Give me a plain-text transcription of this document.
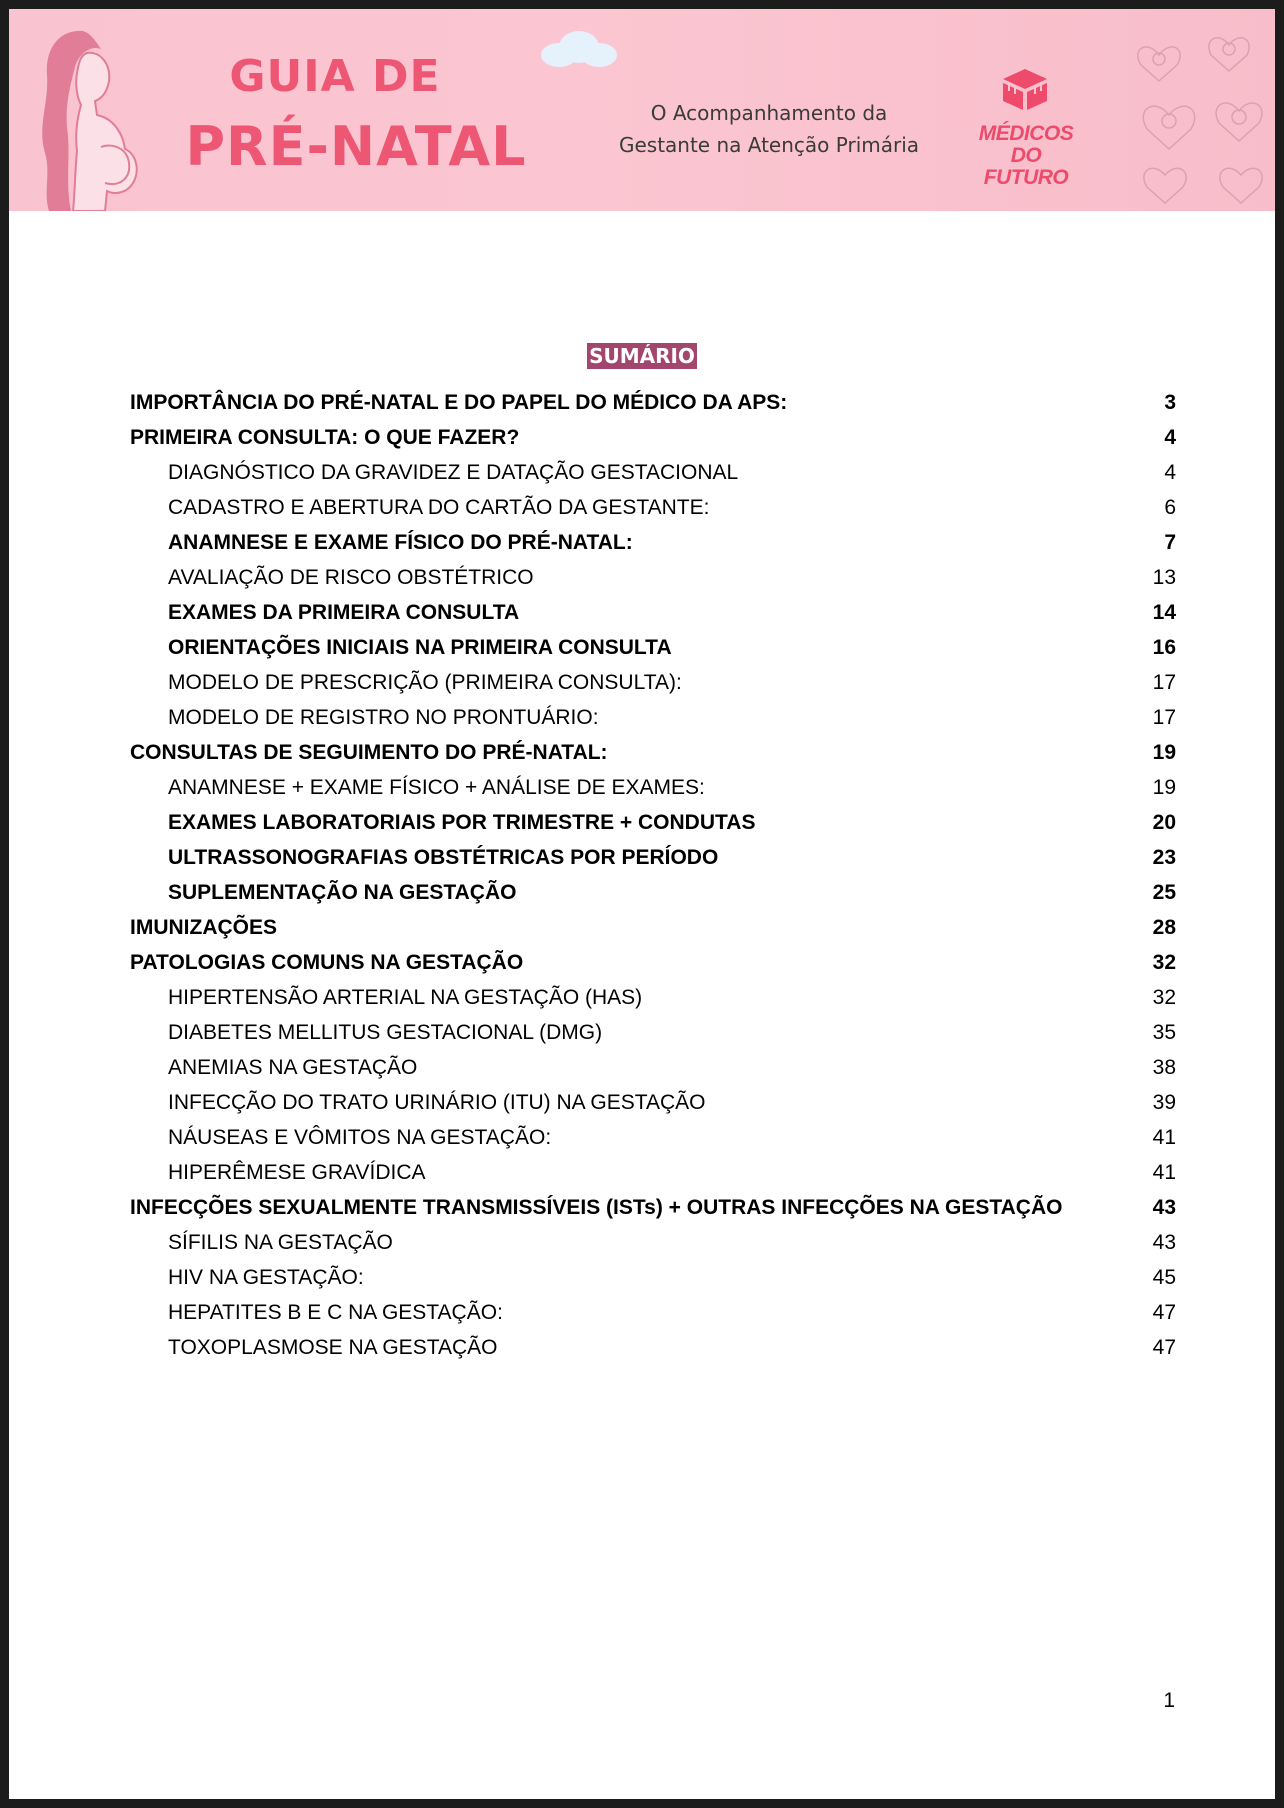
GUIA DE
PRÉ-NATAL
O Acompanhamento da
Gestante na Atenção Primária	MÉDICOS
DO FUTURO
SUMÁRIO
IMPORTÂNCIA DO PRÉ-NATAL E DO PAPEL DO MÉDICO DA APS:	3
PRIMEIRA CONSULTA: O QUE FAZER?	4
DIAGNÓSTICO DA GRAVIDEZ E DATAÇÃO GESTACIONAL	4
CADASTRO E ABERTURA DO CARTÃO DA GESTANTE:	6
ANAMNESE E EXAME FÍSICO DO PRÉ-NATAL:	7
AVALIAÇÃO DE RISCO OBSTÉTRICO	13
EXAMES DA PRIMEIRA CONSULTA	14
ORIENTAÇÕES INICIAIS NA PRIMEIRA CONSULTA	16
MODELO DE PRESCRIÇÃO (PRIMEIRA CONSULTA):	17
MODELO DE REGISTRO NO PRONTUÁRIO:	17
CONSULTAS DE SEGUIMENTO DO PRÉ-NATAL:	19
ANAMNESE + EXAME FÍSICO + ANÁLISE DE EXAMES:	19
EXAMES LABORATORIAIS POR TRIMESTRE + CONDUTAS	20
ULTRASSONOGRAFIAS OBSTÉTRICAS POR PERÍODO	23
SUPLEMENTAÇÃO NA GESTAÇÃO	25
IMUNIZAÇÕES	28
PATOLOGIAS COMUNS NA GESTAÇÃO	32
HIPERTENSÃO ARTERIAL NA GESTAÇÃO (HAS)	32
DIABETES MELLITUS GESTACIONAL (DMG)	35
ANEMIAS NA GESTAÇÃO	38
INFECÇÃO DO TRATO URINÁRIO (ITU) NA GESTAÇÃO	39
NÁUSEAS E VÔMITOS NA GESTAÇÃO:	41
HIPERÊMESE GRAVÍDICA	41
INFECÇÕES SEXUALMENTE TRANSMISSÍVEIS (ISTs) + OUTRAS INFECÇÕES NA GESTAÇÃO	43
SÍFILIS NA GESTAÇÃO	43
HIV NA GESTAÇÃO:	45
HEPATITES B E C NA GESTAÇÃO:	47
TOXOPLASMOSE NA GESTAÇÃO	47
1
